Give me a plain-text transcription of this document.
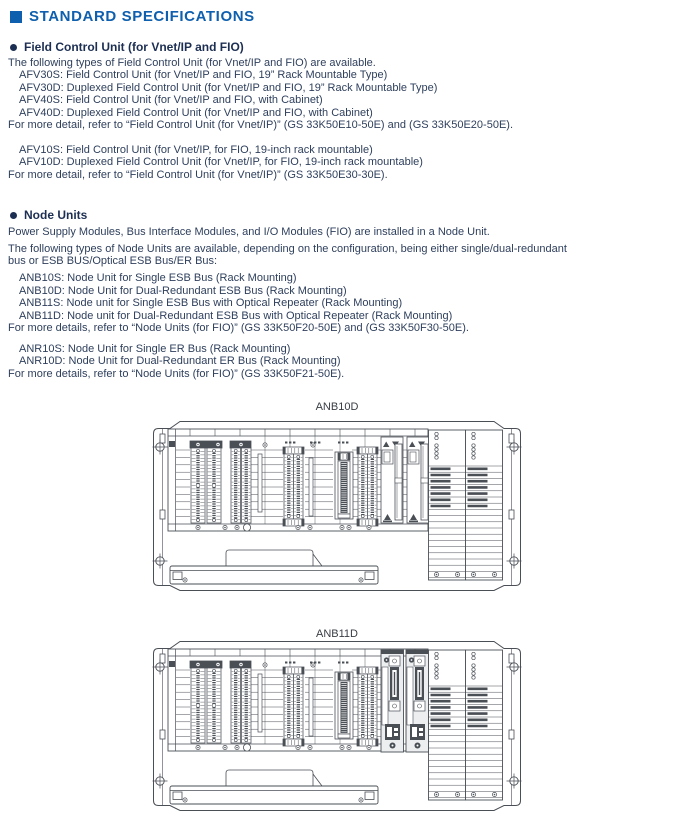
STANDARD SPECIFICATIONS
Field Control Unit (for Vnet/IP and FIO)

The following types of Field Control Unit (for Vnet/IP and FIO) are available.

AFV30S: Field Control Unit (for Vnet/IP and FIO, 19” Rack Mountable Type)
AFV30D: Duplexed Field Control Unit (for Vnet/IP and FIO, 19” Rack Mountable Type)
AFV40S: Field Control Unit (for Vnet/IP and FIO, with Cabinet)
AFV40D: Duplexed Field Control Unit (for Vnet/IP and FIO, with Cabinet)

For more detail, refer to “Field Control Unit (for Vnet/IP)” (GS 33K50E10-50E) and (GS 33K50E20-50E).

AFV10S: Field Control Unit (for Vnet/IP, for FIO, 19-inch rack mountable)
AFV10D: Duplexed Field Control Unit (for Vnet/IP, for FIO, 19-inch rack mountable)

For more detail, refer to “Field Control Unit (for Vnet/IP)” (GS 33K50E30-30E).

Node Units

Power Supply Modules, Bus Interface Modules, and I/O Modules (FIO) are installed in a Node Unit.

The following types of Node Units are available, depending on the configuration, being either single/dual-redundant
bus or ESB BUS/Optical ESB Bus/ER Bus:

ANB10S: Node Unit for Single ESB Bus (Rack Mounting)
ANB10D: Node Unit for Dual-Redundant ESB Bus (Rack Mounting)
ANB11S: Node unit for Single ESB Bus with Optical Repeater (Rack Mounting)
ANB11D: Node unit for Dual-Redundant ESB Bus with Optical Repeater (Rack Mounting)

For more details, refer to “Node Units (for FIO)” (GS 33K50F20-50E) and (GS 33K50F30-50E).

ANR10S: Node Unit for Single ER Bus (Rack Mounting)
ANR10D: Node Unit for Dual-Redundant ER Bus (Rack Mounting)

For more details, refer to “Node Units (for FIO)” (GS 33K50F21-50E).

ANB10D
ANB11D
